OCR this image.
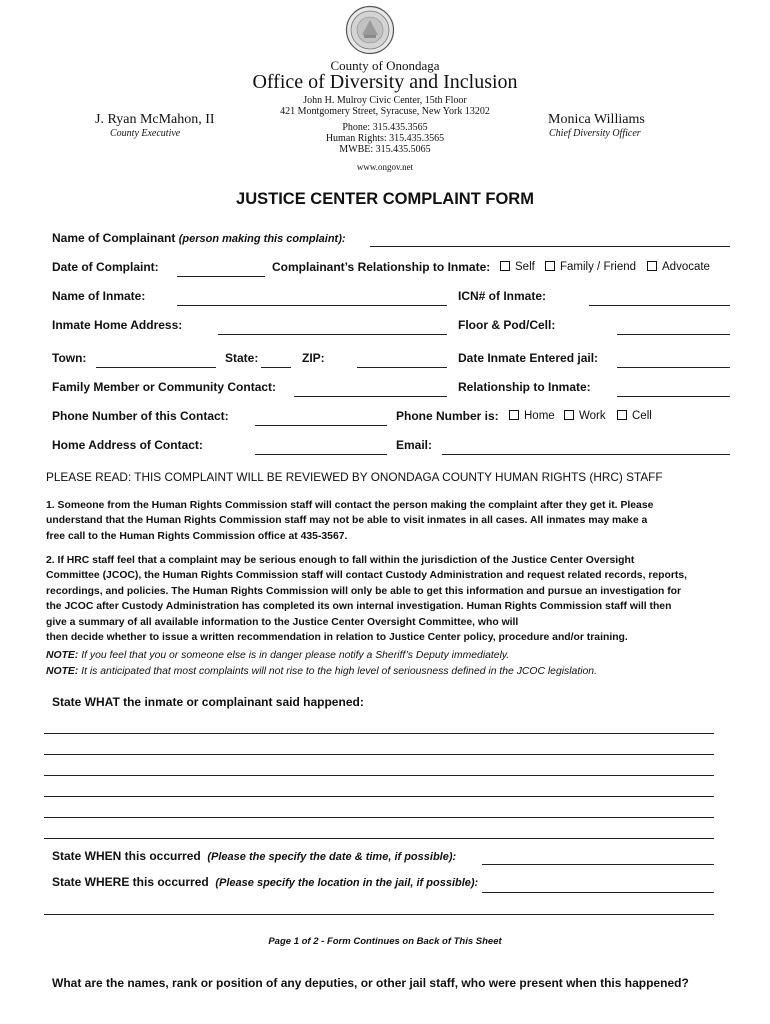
County of Onondaga
Office of Diversity and Inclusion
John H. Mulroy Civic Center, 15th Floor
421 Montgomery Street, Syracuse, New York 13202
Phone: 315.435.3565
Human Rights: 315.435.3565
MWBE: 315.435.5065
www.ongov.net
J. Ryan McMahon, II
County Executive
Monica Williams
Chief Diversity Officer
JUSTICE CENTER COMPLAINT FORM
Name of Complainant (person making this complaint):
Date of Complaint:	Complainant’s Relationship to Inmate:	Self	Family / Friend	Advocate
Name of Inmate:	ICN# of Inmate:
Inmate Home Address:	Floor & Pod/Cell:
Town:	State:	ZIP:	Date Inmate Entered jail:
Family Member or Community Contact:	Relationship to Inmate:
Phone Number of this Contact:	Phone Number is:	Home	Work	Cell
Home Address of Contact:	Email:
PLEASE READ: THIS COMPLAINT WILL BE REVIEWED BY ONONDAGA COUNTY HUMAN RIGHTS (HRC) STAFF
1. Someone from the Human Rights Commission staff will contact the person making the complaint after they get it. Please
understand that the Human Rights Commission staff may not be able to visit inmates in all cases. All inmates may make a
free call to the Human Rights Commission office at 435-3567.
2. If HRC staff feel that a complaint may be serious enough to fall within the jurisdiction of the Justice Center Oversight
Committee (JCOC), the Human Rights Commission staff will contact Custody Administration and request related records, reports,
recordings, and policies. The Human Rights Commission will only be able to get this information and pursue an investigation for
the JCOC after Custody Administration has completed its own internal investigation. Human Rights Commission staff will then
give a summary of all available information to the Justice Center Oversight Committee, who will
then decide whether to issue a written recommendation in relation to Justice Center policy, procedure and/or training.
NOTE: If you feel that you or someone else is in danger please notify a Sheriff’s Deputy immediately.
NOTE: It is anticipated that most complaints will not rise to the high level of seriousness defined in the JCOC legislation.
State WHAT the inmate or complainant said happened:
State WHEN this occurred (Please the specify the date & time, if possible):
State WHERE this occurred (Please specify the location in the jail, if possible):
Page 1 of 2 - Form Continues on Back of This Sheet
What are the names, rank or position of any deputies, or other jail staff, who were present when this happened?
